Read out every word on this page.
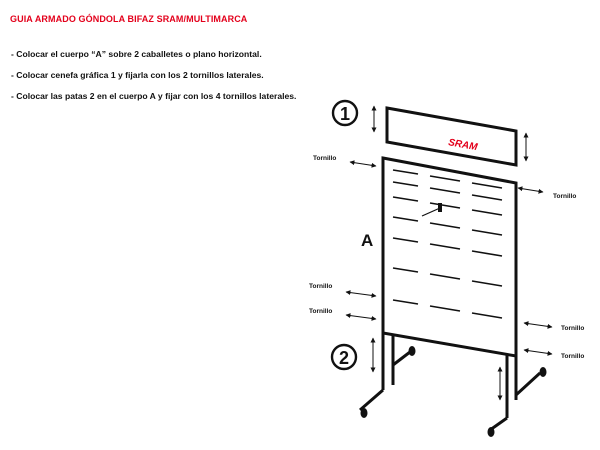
GUIA ARMADO GÓNDOLA BIFAZ SRAM/MULTIMARCA
- Colocar el cuerpo “A” sobre 2 caballetes o plano horizontal.
- Colocar cenefa gráfica 1 y fijarla con los 2 tornillos laterales.
- Colocar las patas 2 en el cuerpo A y fijar con los 4 tornillos laterales.
SRAM
Tornillo
Tornillo
Tornillo
Tornillo
Tornillo
Tornillo
1
2
A
